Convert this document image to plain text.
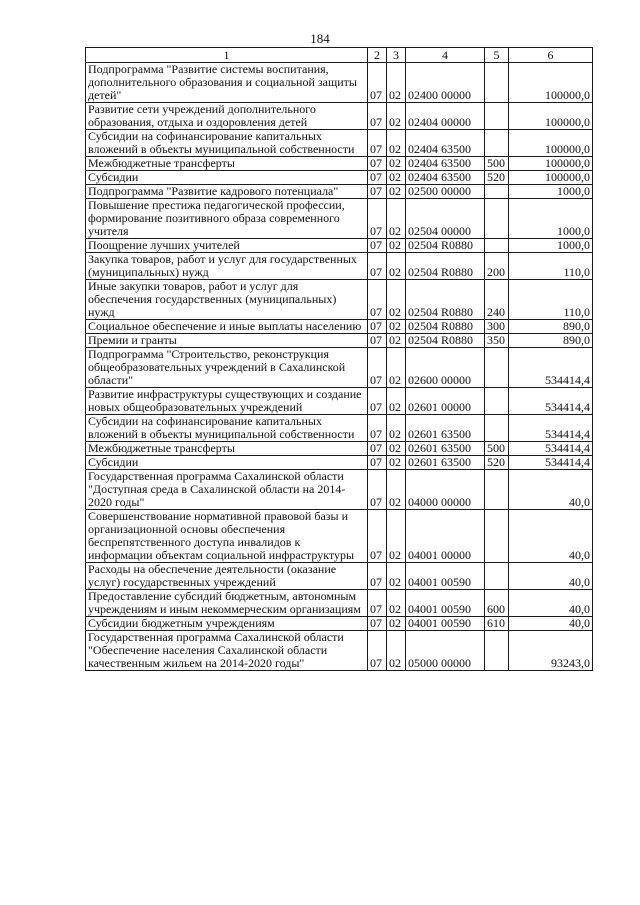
184
1	2	3	4	5	6
Подпрограмма "Развитие системы воспитания, дополнительного образования и социальной защиты детей"	07	02	02400 00000		100000,0
Развитие сети учреждений дополнительного образования, отдыха и оздоровления детей	07	02	02404 00000		100000,0
Субсидии на софинансирование капитальных вложений в объекты муниципальной собственности	07	02	02404 63500		100000,0
Межбюджетные трансферты	07	02	02404 63500	500	100000,0
Субсидии	07	02	02404 63500	520	100000,0
Подпрограмма "Развитие кадрового потенциала"	07	02	02500 00000		1000,0
Повышение престижа педагогической профессии, формирование позитивного образа современного учителя	07	02	02504 00000		1000,0
Поощрение лучших учителей	07	02	02504 R0880		1000,0
Закупка товаров, работ и услуг для государственных (муниципальных) нужд	07	02	02504 R0880	200	110,0
Иные закупки товаров, работ и услуг для обеспечения государственных (муниципальных) нужд	07	02	02504 R0880	240	110,0
Социальное обеспечение и иные выплаты населению	07	02	02504 R0880	300	890,0
Премии и гранты	07	02	02504 R0880	350	890,0
Подпрограмма "Строительство, реконструкция общеобразовательных учреждений в Сахалинской области"	07	02	02600 00000		534414,4
Развитие инфраструктуры существующих и создание новых общеобразовательных учреждений	07	02	02601 00000		534414,4
Субсидии на софинансирование капитальных вложений в объекты муниципальной собственности	07	02	02601 63500		534414,4
Межбюджетные трансферты	07	02	02601 63500	500	534414,4
Субсидии	07	02	02601 63500	520	534414,4
Государственная программа Сахалинской области "Доступная среда в Сахалинской области на 2014-2020 годы"	07	02	04000 00000		40,0
Совершенствование нормативной правовой базы и организационной основы обеспечения беспрепятственного доступа инвалидов к информации объектам социальной инфраструктуры	07	02	04001 00000		40,0
Расходы на обеспечение деятельности (оказание услуг) государственных учреждений	07	02	04001 00590		40,0
Предоставление субсидий бюджетным, автономным учреждениям и иным некоммерческим организациям	07	02	04001 00590	600	40,0
Субсидии бюджетным учреждениям	07	02	04001 00590	610	40,0
Государственная программа Сахалинской области "Обеспечение населения Сахалинской области качественным жильем на 2014-2020 годы"	07	02	05000 00000		93243,0
